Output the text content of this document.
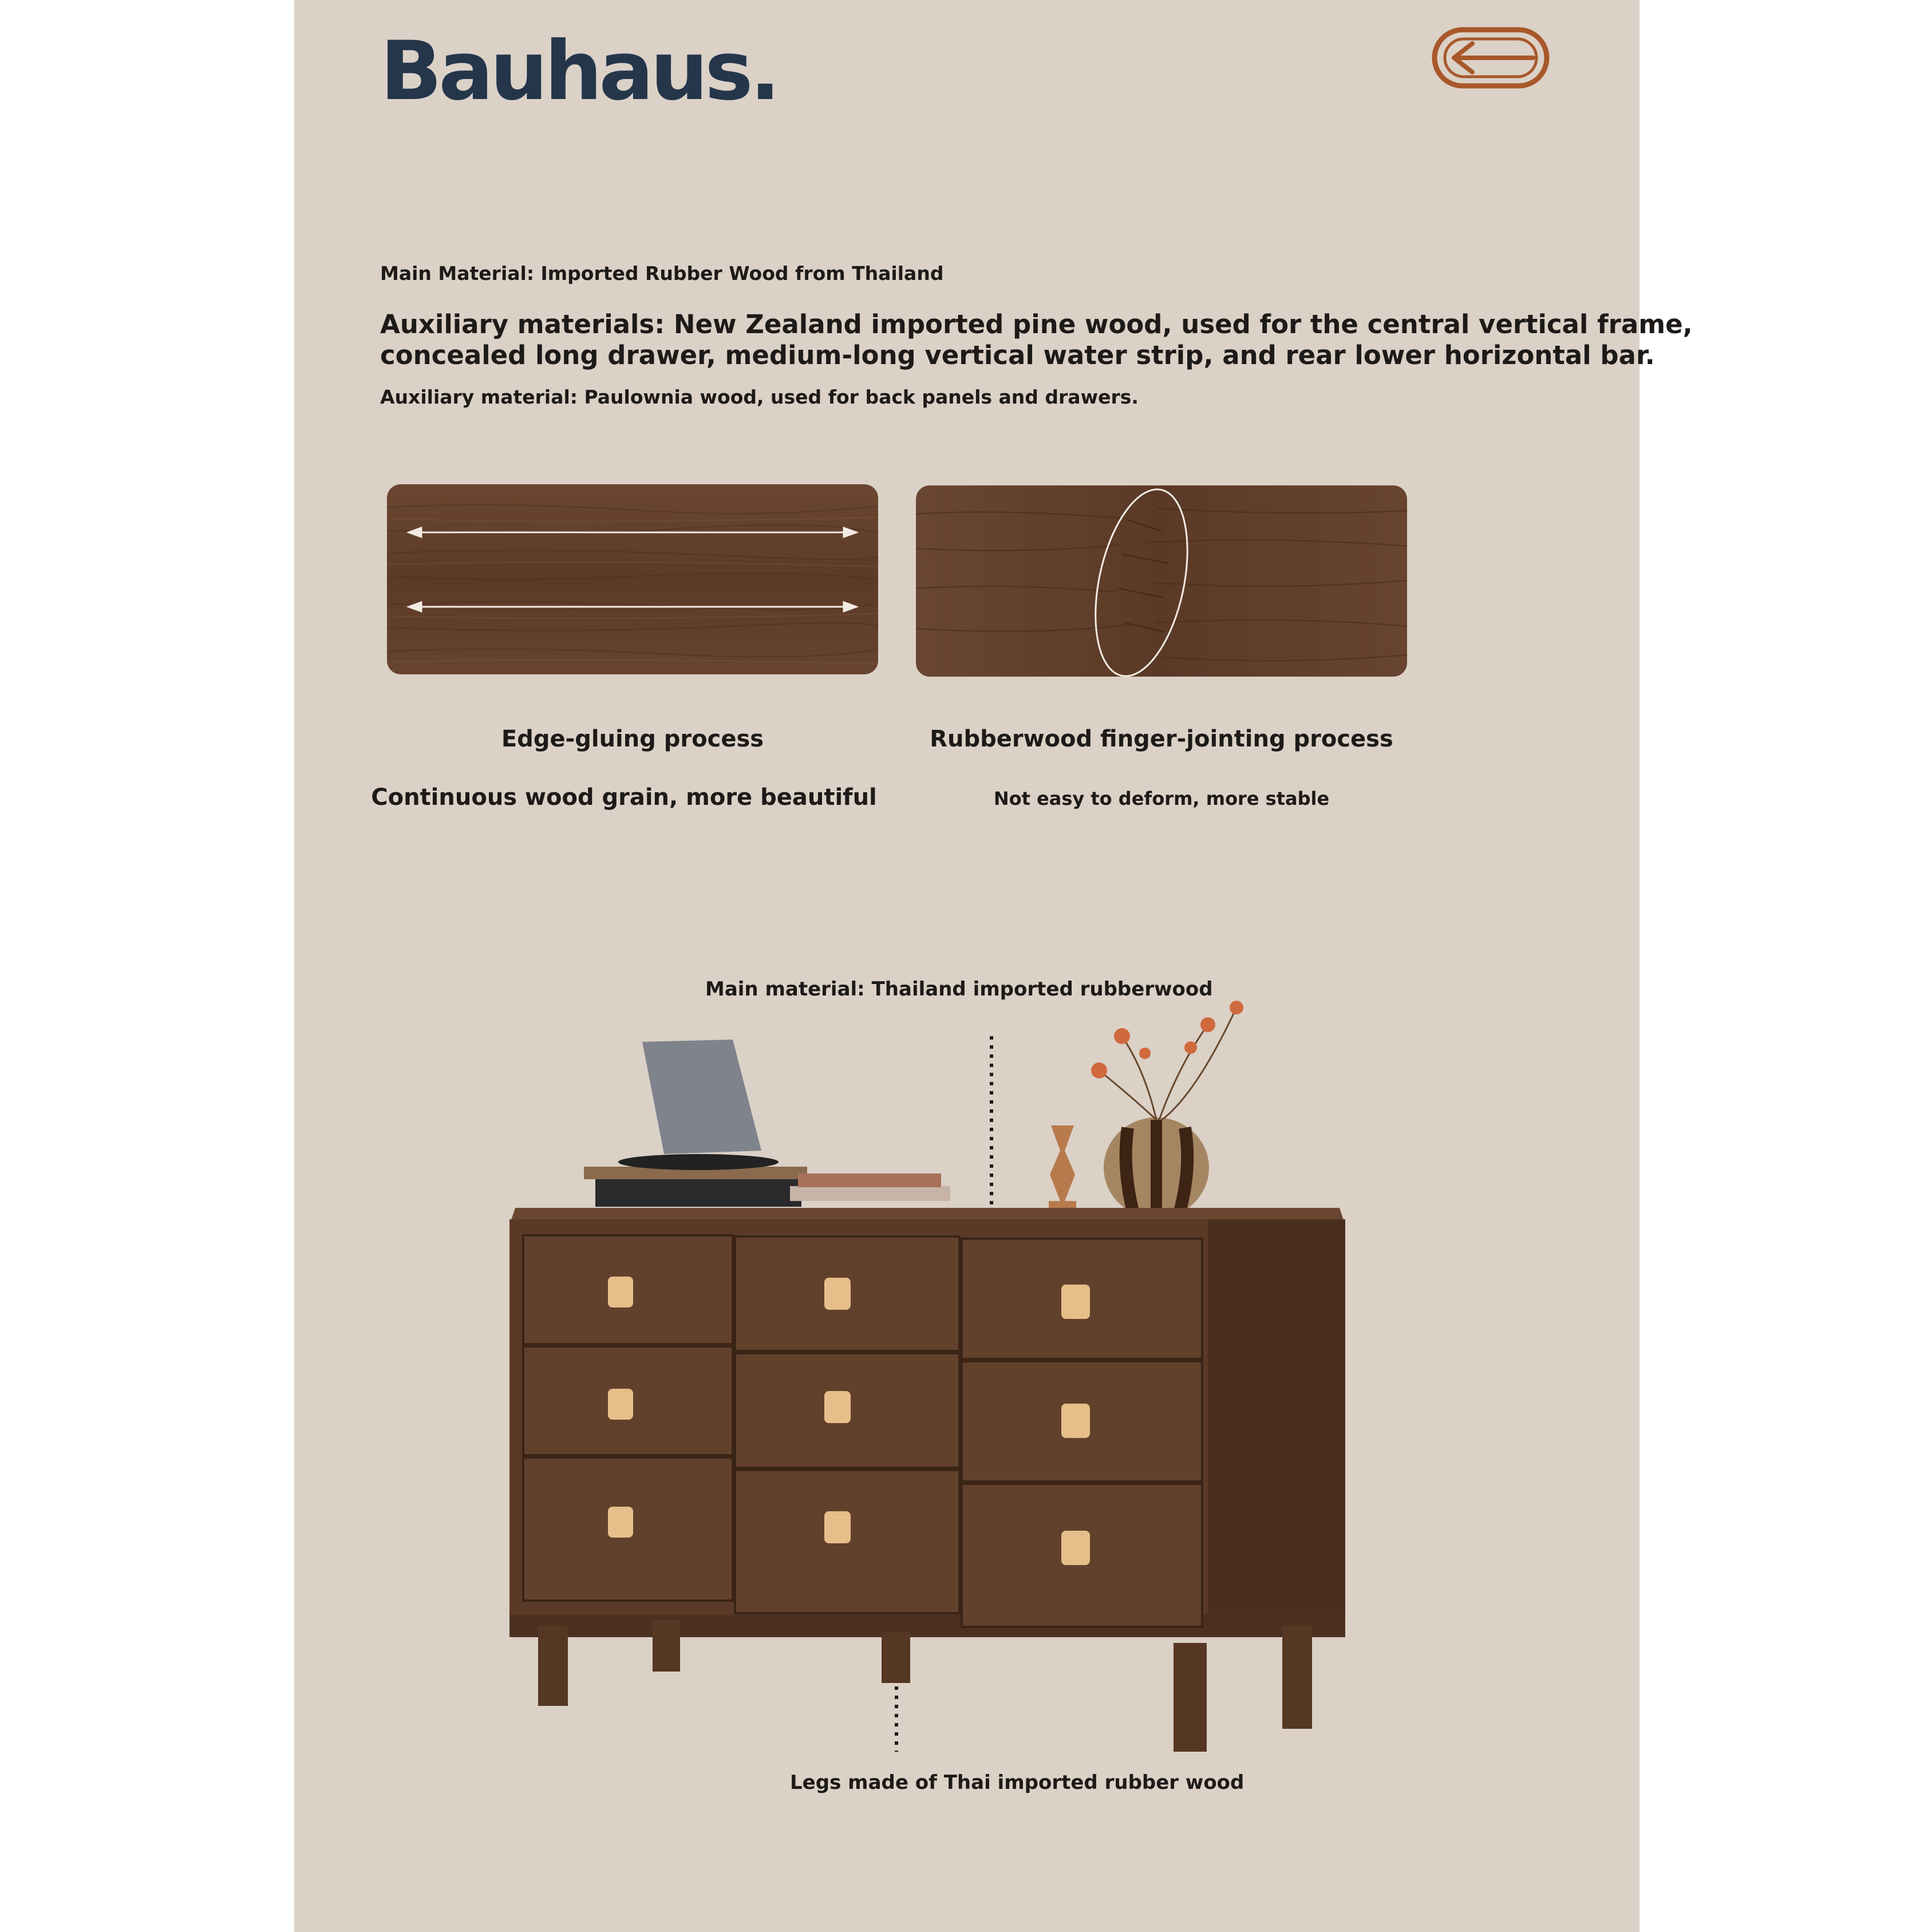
Bauhaus.
Main Material: Imported Rubber Wood from Thailand
Auxiliary materials: New Zealand imported pine wood, used for the central vertical frame,
concealed long drawer, medium-long vertical water strip, and rear lower horizontal bar.
Auxiliary material: Paulownia wood, used for back panels and drawers.
Edge-gluing process	Rubberwood finger-jointing process
Continuous wood grain, more beautiful	Not easy to deform, more stable
Main material: Thailand imported rubberwood
Legs made of Thai imported rubber wood
